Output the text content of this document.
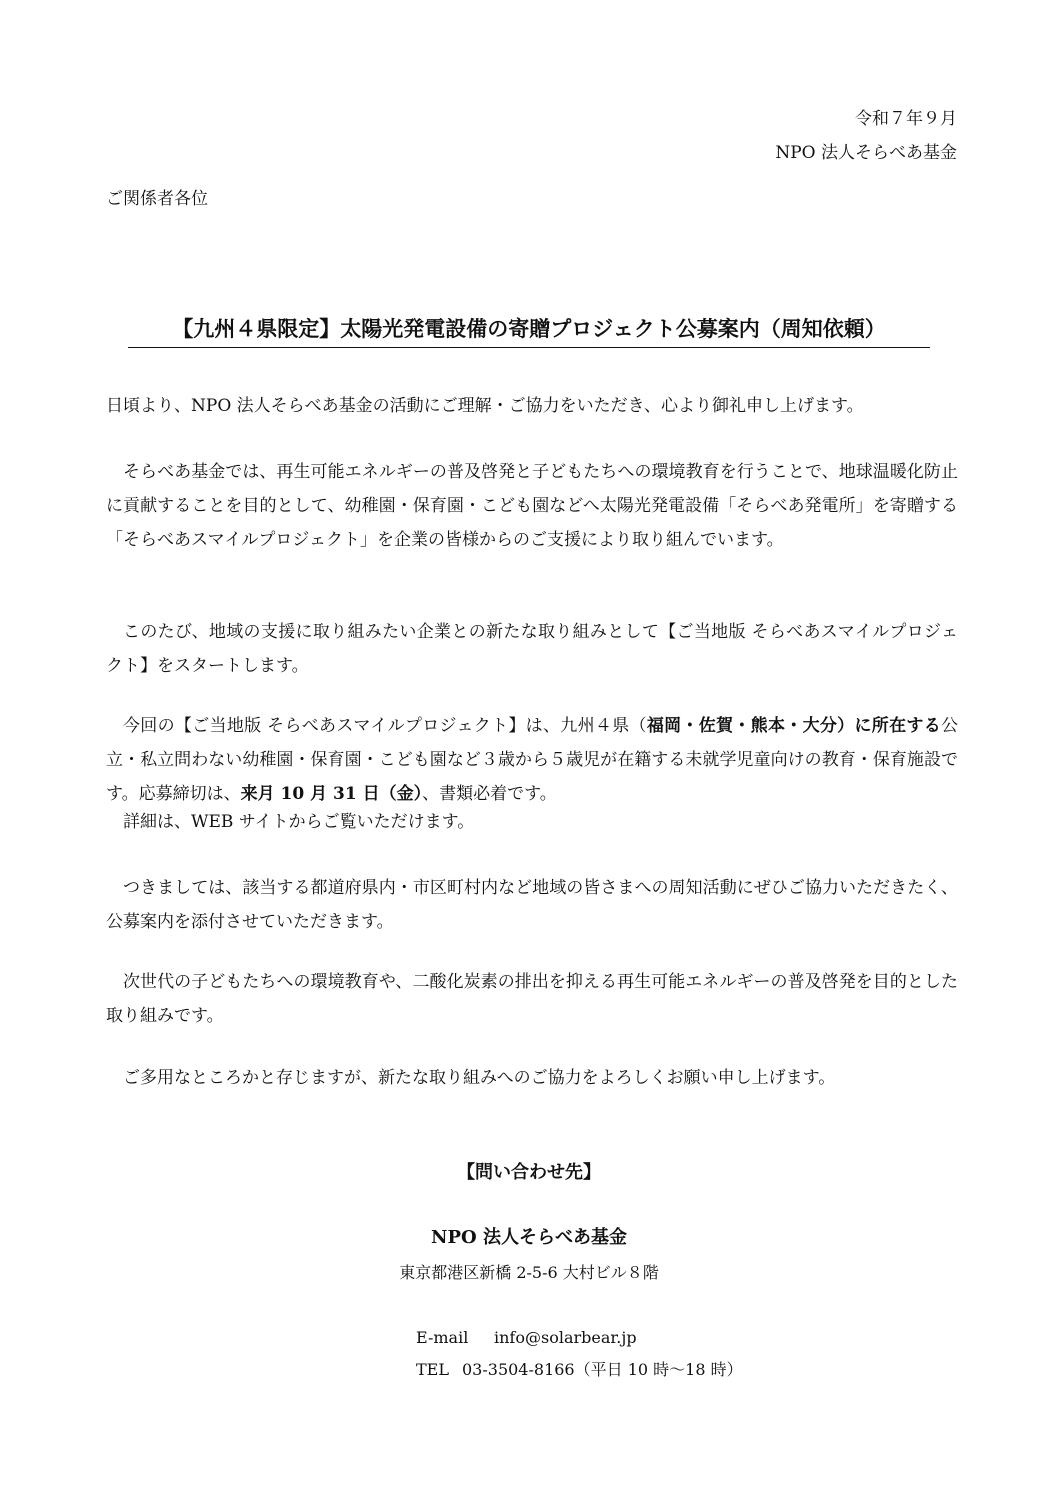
令和７年９月
NPO 法人そらべあ基金
ご関係者各位
【九州４県限定】太陽光発電設備の寄贈プロジェクト公募案内（周知依頼）
日頃より、NPO 法人そらべあ基金の活動にご理解・ご協力をいただき、心より御礼申し上げます。
そらべあ基金では、再生可能エネルギーの普及啓発と子どもたちへの環境教育を行うことで、地球温暖化防止に貢献することを目的として、幼稚園・保育園・こども園などへ太陽光発電設備「そらべあ発電所」を寄贈する「そらべあスマイルプロジェクト」を企業の皆様からのご支援により取り組んでいます。
このたび、地域の支援に取り組みたい企業との新たな取り組みとして【ご当地版 そらべあスマイルプロジェクト】をスタートします。
今回の【ご当地版 そらべあスマイルプロジェクト】は、九州４県（福岡・佐賀・熊本・大分）に所在する公立・私立問わない幼稚園・保育園・こども園など３歳から５歳児が在籍する未就学児童向けの教育・保育施設です。応募締切は、来月 10 月 31 日（金）、書類必着です。
詳細は、WEB サイトからご覧いただけます。
つきましては、該当する都道府県内・市区町村内など地域の皆さまへの周知活動にぜひご協力いただきたく、公募案内を添付させていただきます。
次世代の子どもたちへの環境教育や、二酸化炭素の排出を抑える再生可能エネルギーの普及啓発を目的とした取り組みです。
ご多用なところかと存じますが、新たな取り組みへのご協力をよろしくお願い申し上げます。
【問い合わせ先】
NPO 法人そらべあ基金
東京都港区新橋 2-5-6 大村ビル８階
E-mail info@solarbear.jp
TEL 03-3504-8166（平日 10 時～18 時）
